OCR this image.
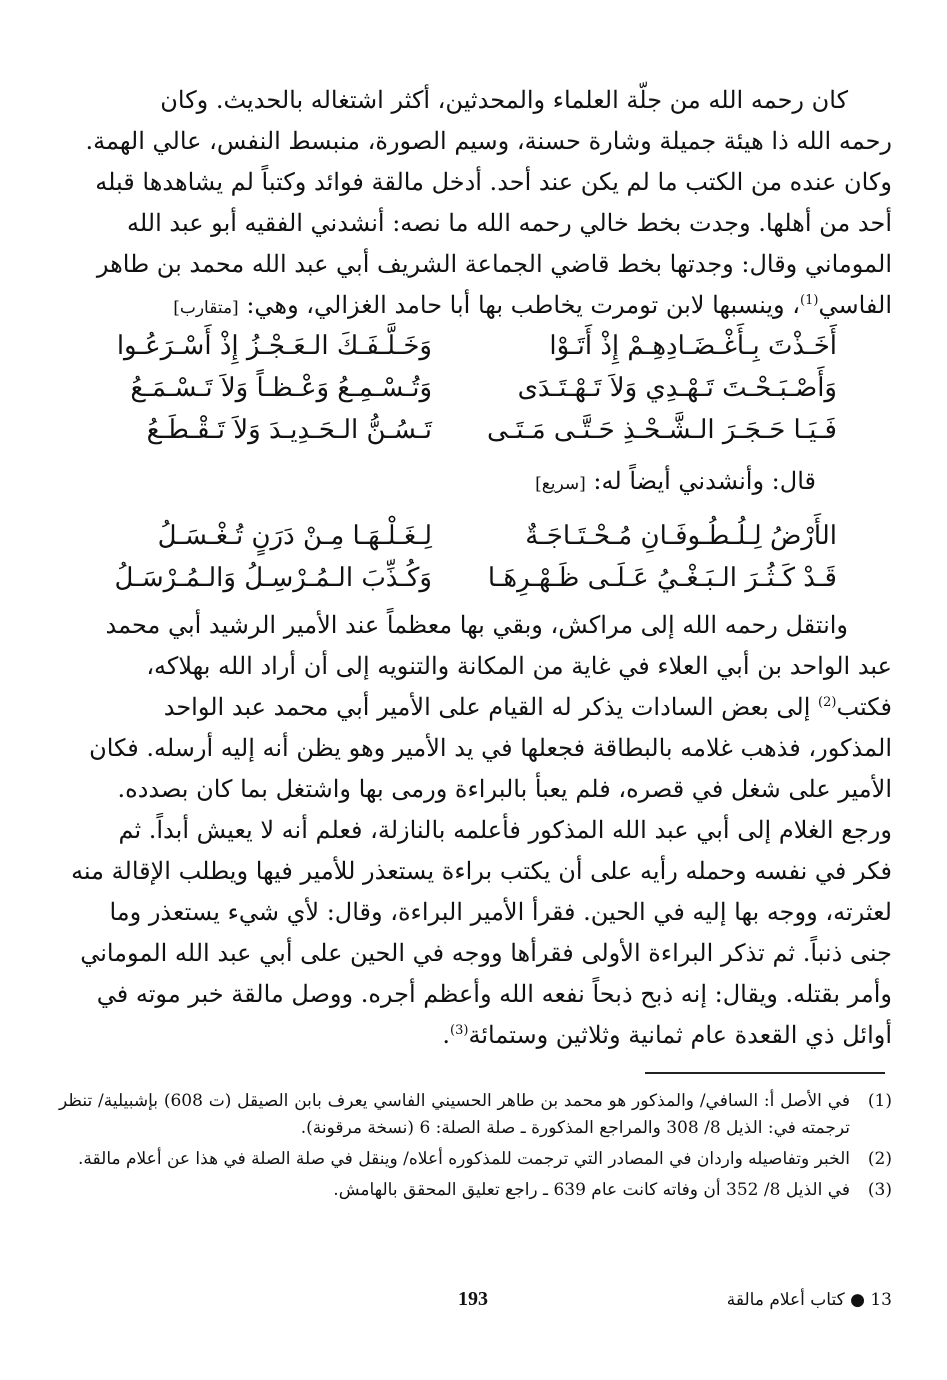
كان رحمه الله من جلّة العلماء والمحدثين، أكثر اشتغاله بالحديث. وكان
رحمه الله ذا هيئة جميلة وشارة حسنة، وسيم الصورة، منبسط النفس، عالي الهمة.
وكان عنده من الكتب ما لم يكن عند أحد. أدخل مالقة فوائد وكتباً لم يشاهدها قبله
أحد من أهلها. وجدت بخط خالي رحمه الله ما نصه: أنشدني الفقيه أبو عبد الله
الموماني وقال: وجدتها بخط قاضي الجماعة الشريف أبي عبد الله محمد بن طاهر
الفاسي$^{(1)}$، وينسبها لابن تومرت يخاطب بها أبا حامد الغزالي، وهي: [متقارب]
أَخَـذْتَ بِـأَغْـضَـادِهِـمْ إِذْ أَتَـوْا
وَخَـلَّـفَـكَ الـعَـجْـزُ إِذْ أَسْـرَعُـوا
وَأَصْـبَـحْـتَ تَـهْـدِي وَلاَ تَـهْـتَـدَى
وَتُـسْـمِـعُ وَعْـظـاً وَلاَ تَـسْـمَـعُ
فَـيَـا حَـجَـرَ الـشَّـحْـذِ حَـتَّـى مَـتَـى
تَـسُـنُّ الـحَـدِيـدَ وَلاَ تَـقْـطَـعُ
قال: وأنشدني أيضاً له: [سريع]
الأَرْضُ لِـلُـطُـوفَـانِ مُـحْـتَـاجَـةٌ
لِـغَـلْـهَـا مِـنْ دَرَنٍ تُـغْـسَـلُ
قَـدْ كَـثُـرَ الـبَـغْـيُ عَـلَـى ظَـهْـرِهَـا
وَكُـذِّبَ الـمُـرْسِـلُ وَالـمُـرْسَـلُ
وانتقل رحمه الله إلى مراكش، وبقي بها معظماً عند الأمير الرشيد أبي محمد
عبد الواحد بن أبي العلاء في غاية من المكانة والتنويه إلى أن أراد الله بهلاكه،
فكتب$^{(2)}$ إلى بعض السادات يذكر له القيام على الأمير أبي محمد عبد الواحد
المذكور، فذهب غلامه بالبطاقة فجعلها في يد الأمير وهو يظن أنه إليه أرسله. فكان
الأمير على شغل في قصره، فلم يعبأ بالبراءة ورمى بها واشتغل بما كان بصدده.
ورجع الغلام إلى أبي عبد الله المذكور فأعلمه بالنازلة، فعلم أنه لا يعيش أبداً. ثم
فكر في نفسه وحمله رأيه على أن يكتب براءة يستعذر للأمير فيها ويطلب الإقالة منه
لعثرته، ووجه بها إليه في الحين. فقرأ الأمير البراءة، وقال: لأي شيء يستعذر وما
جنى ذنباً. ثم تذكر البراءة الأولى فقرأها ووجه في الحين على أبي عبد الله الموماني
وأمر بقتله. ويقال: إنه ذبح ذبحاً نفعه الله وأعظم أجره. ووصل مالقة خبر موته في
أوائل ذي القعدة عام ثمانية وثلاثين وستمائة$^{(3)}$.
(1)
في الأصل أ: السافي/ والمذكور هو محمد بن طاهر الحسيني الفاسي يعرف بابن الصيقل (ت 608) بإشبيلية/ تنظر ترجمته في: الذيل 8/ 308 والمراجع المذكورة ـ صلة الصلة: 6 (نسخة مرقونة).
(2)
الخبر وتفاصيله واردان في المصادر التي ترجمت للمذكوره أعلاه/ وينقل في صلة الصلة في هذا عن أعلام مالقة.
(3)
في الذيل 8/ 352 أن وفاته كانت عام 639 ـ راجع تعليق المحقق بالهامش.
193	13 ● كتاب أعلام مالقة
